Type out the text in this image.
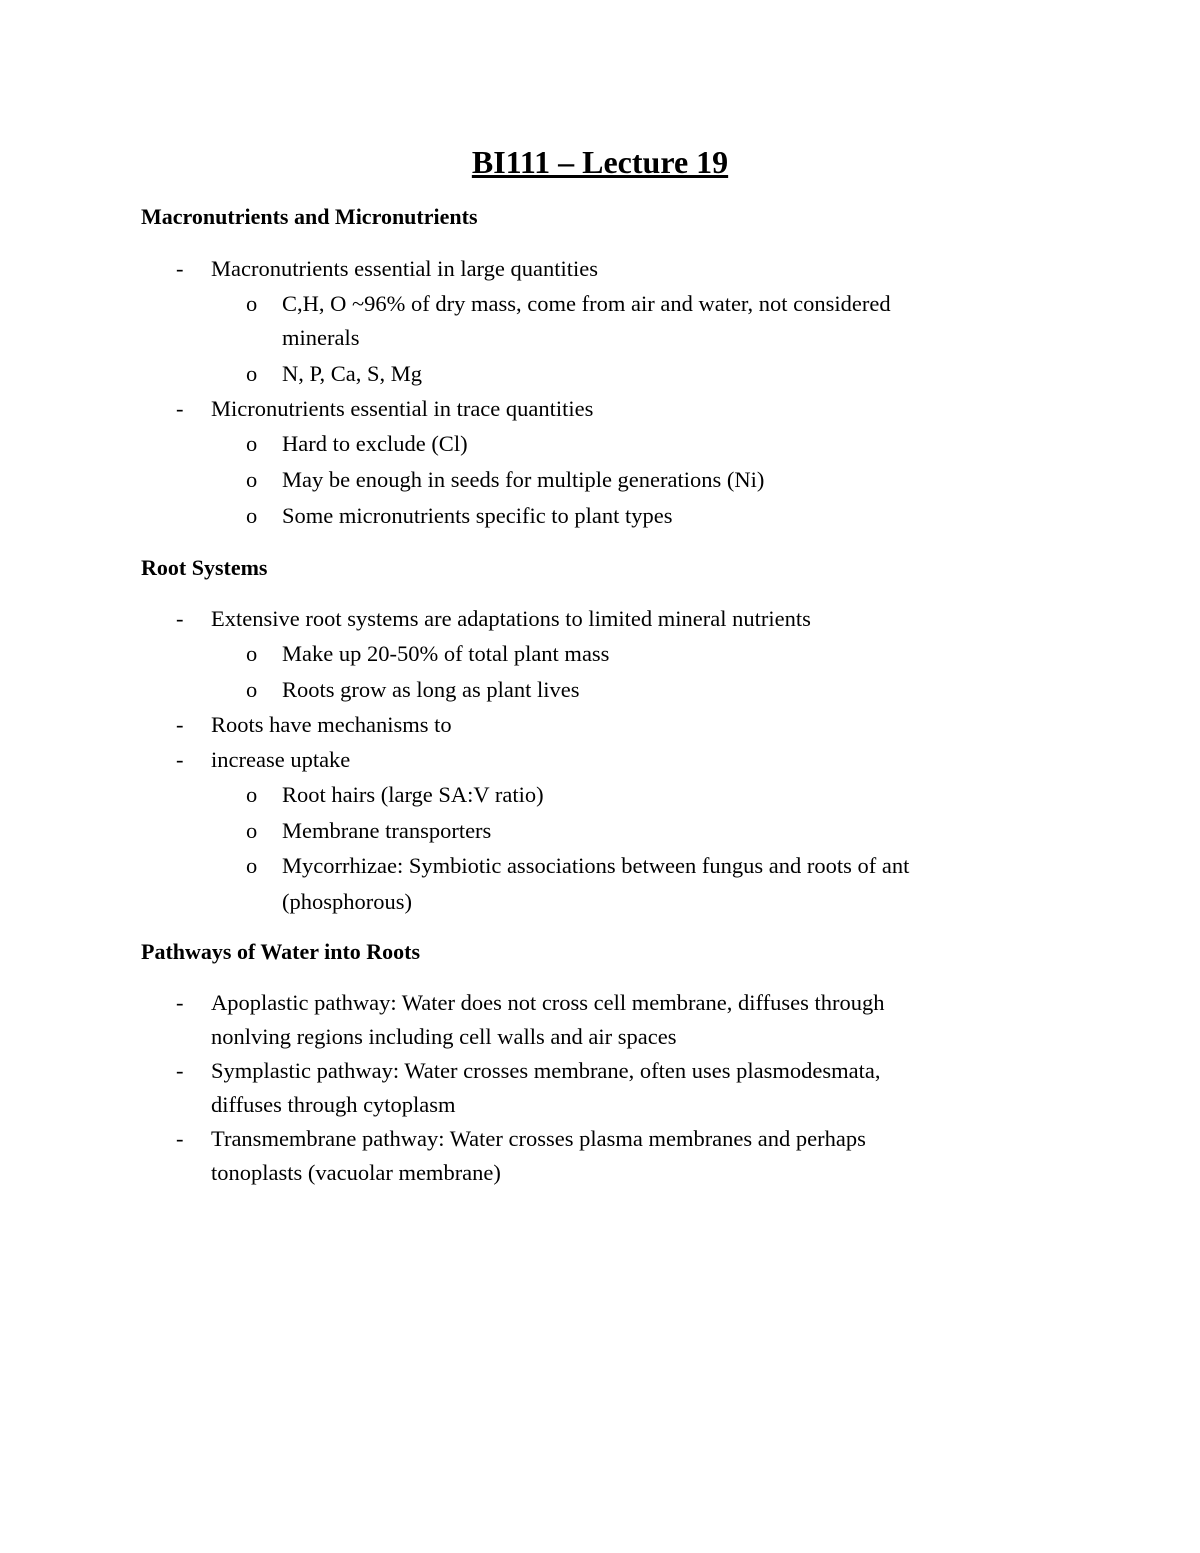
BI111 – Lecture 19
Macronutrients and Micronutrients
- Macronutrients essential in large quantities
o C,H, O ~96% of dry mass, come from air and water, not considered
minerals
o N, P, Ca, S, Mg
- Micronutrients essential in trace quantities
o Hard to exclude (Cl)
o May be enough in seeds for multiple generations (Ni)
o Some micronutrients specific to plant types
Root Systems
- Extensive root systems are adaptations to limited mineral nutrients
o Make up 20-50% of total plant mass
o Roots grow as long as plant lives
- Roots have mechanisms to
- increase uptake
o Root hairs (large SA:V ratio)
o Membrane transporters
o Mycorrhizae: Symbiotic associations between fungus and roots of ant
(phosphorous)
Pathways of Water into Roots
- Apoplastic pathway: Water does not cross cell membrane, diffuses through
nonlving regions including cell walls and air spaces
- Symplastic pathway: Water crosses membrane, often uses plasmodesmata,
diffuses through cytoplasm
- Transmembrane pathway: Water crosses plasma membranes and perhaps
tonoplasts (vacuolar membrane)
